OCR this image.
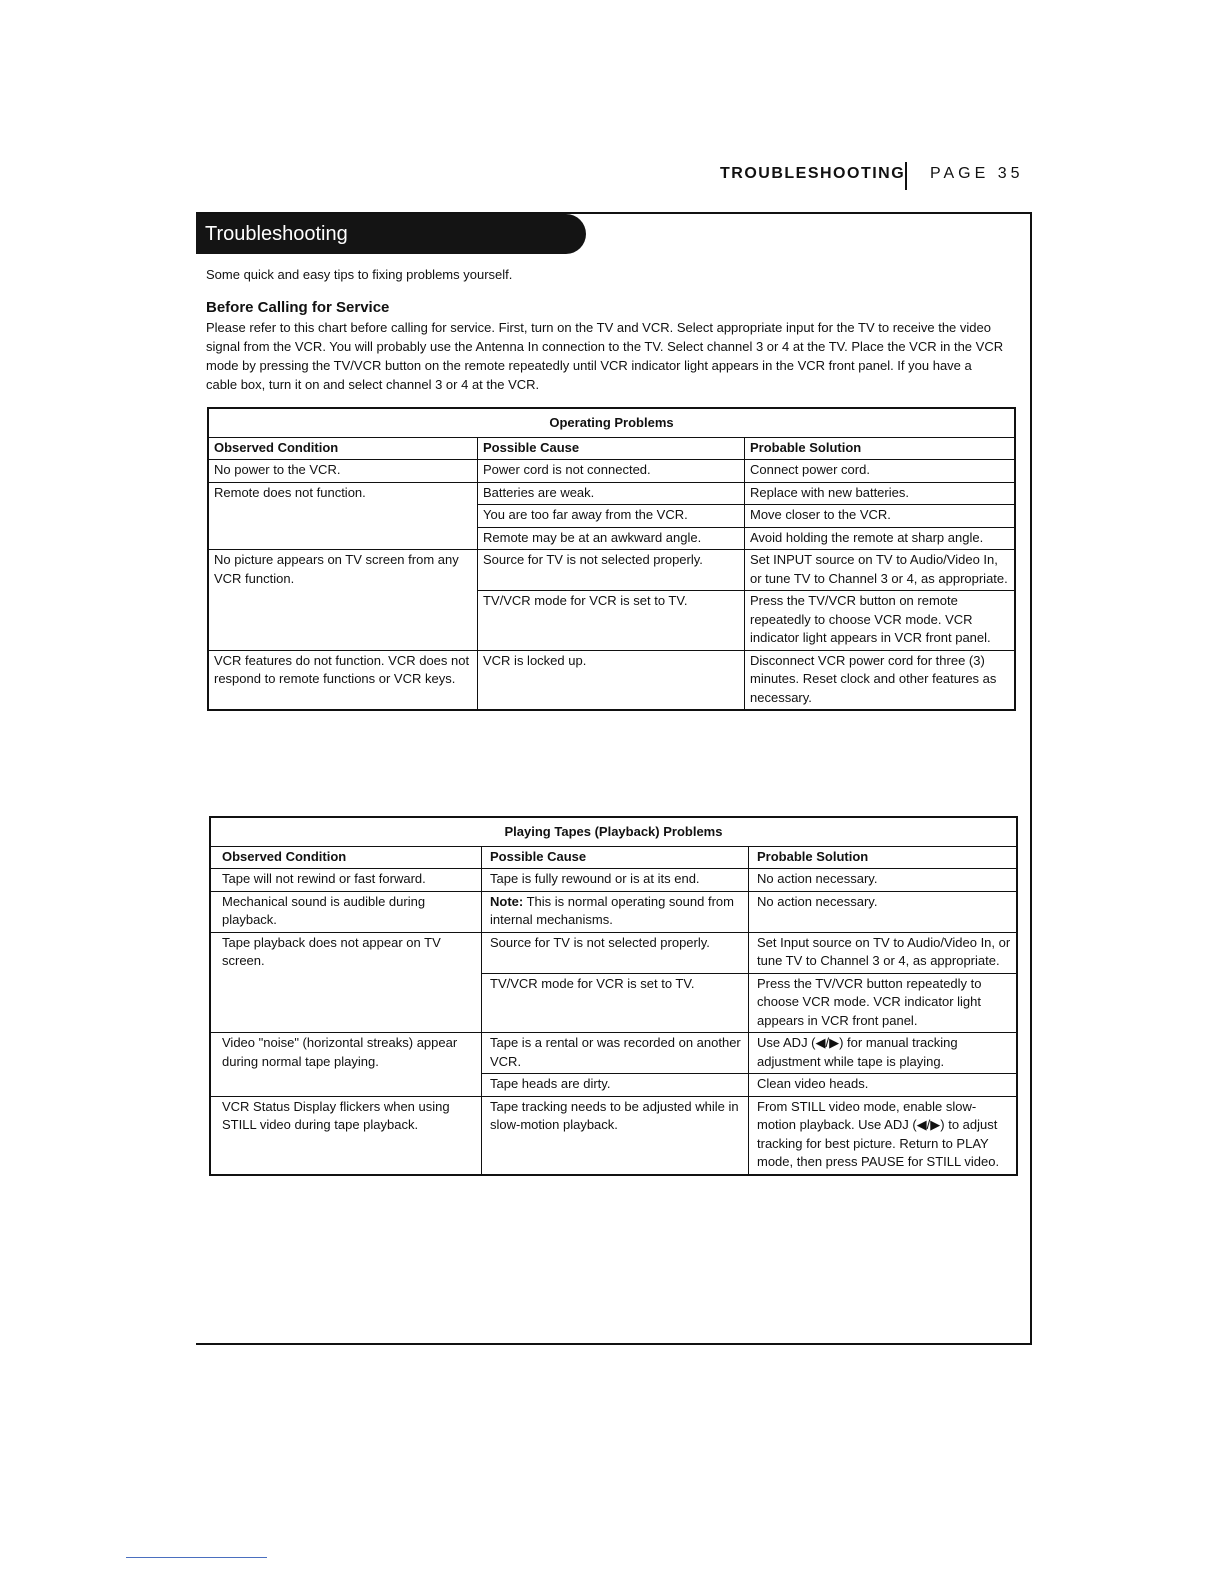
TROUBLESHOOTING PAGE 35
Troubleshooting
Some quick and easy tips to fixing problems yourself.
Before Calling for Service
Please refer to this chart before calling for service. First, turn on the TV and VCR. Select appropriate input for the TV to receive the video signal from the VCR. You will probably use the Antenna In connection to the TV. Select channel 3 or 4 at the TV. Place the VCR in the VCR mode by pressing the TV/VCR button on the remote repeatedly until VCR indicator light appears in the VCR front panel. If you have a cable box, turn it on and select channel 3 or 4 at the VCR.
Operating Problems		
Observed Condition	Possible Cause	Probable Solution
No power to the VCR.	Power cord is not connected.	Connect power cord.
Remote does not function.	Batteries are weak.	Replace with new batteries.
	You are too far away from the VCR.	Move closer to the VCR.
	Remote may be at an awkward angle.	Avoid holding the remote at sharp angle.
No picture appears on TV screen from any VCR function.	Source for TV is not selected properly.	Set INPUT source on TV to Audio/Video In, or tune TV to Channel 3 or 4, as appropriate.
	TV/VCR mode for VCR is set to TV.	Press the TV/VCR button on remote repeatedly to choose VCR mode. VCR indicator light appears in VCR front panel.
VCR features do not function. VCR does not respond to remote functions or VCR keys.	VCR is locked up.	Disconnect VCR power cord for three (3) minutes. Reset clock and other features as necessary.
Playing Tapes (Playback) Problems		
Observed Condition	Possible Cause	Probable Solution
Tape will not rewind or fast forward.	Tape is fully rewound or is at its end.	No action necessary.
Mechanical sound is audible during playback.	Note: This is normal operating sound from internal mechanisms.	No action necessary.
Tape playback does not appear on TV screen.	Source for TV is not selected properly.	Set Input source on TV to Audio/Video In, or tune TV to Channel 3 or 4, as appropriate.
	TV/VCR mode for VCR is set to TV.	Press the TV/VCR button repeatedly to choose VCR mode. VCR indicator light appears in VCR front panel.
Video "noise" (horizontal streaks) appear during normal tape playing.	Tape is a rental or was recorded on another VCR.	Use ADJ (◀/▶) for manual tracking adjustment while tape is playing.
	Tape heads are dirty.	Clean video heads.
VCR Status Display flickers when using STILL video during tape playback.	Tape tracking needs to be adjusted while in slow-motion playback.	From STILL video mode, enable slow-motion playback. Use ADJ (◀/▶) to adjust tracking for best picture. Return to PLAY mode, then press PAUSE for STILL video.
